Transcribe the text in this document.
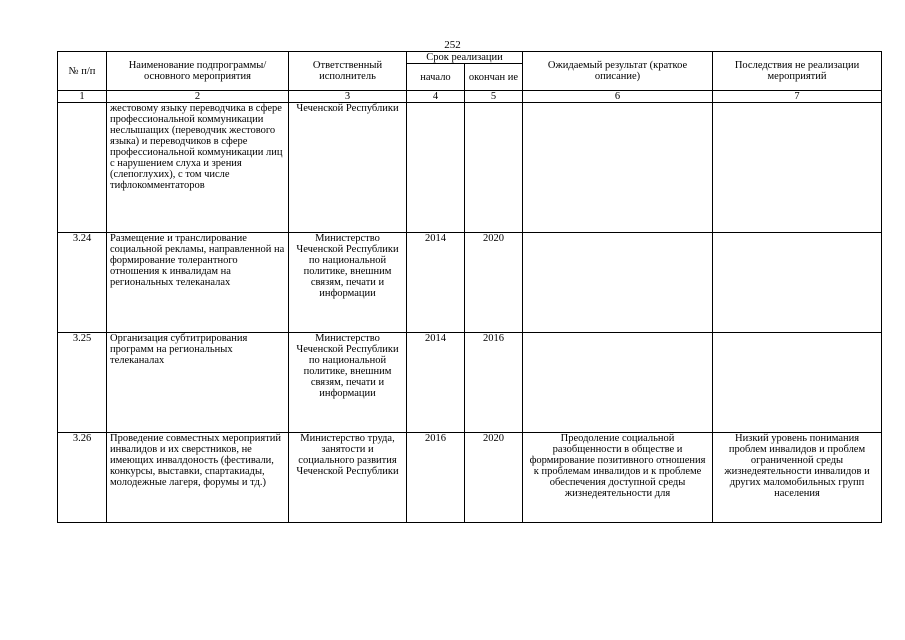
252
№ п/п	Наименование подпрограммы/ основного мероприятия	Ответственный исполнитель	Срок реализации		Ожидаемый результат (краткое описание)	Последствия не реализации мероприятий
			начало	окончан ие		
1	2	3	4	5	6	7
	жестовому языку переводчика в сфере профессиональной коммуникации неслышащих (переводчик жестового языка) и переводчиков в сфере профессиональной коммуникации лиц с нарушением слуха и зрения (слепоглухих), с том числе тифлокомментаторов	Чеченской Республики				
3.24	Размещение и транслирование социальной рекламы, направленной на формирование толерантного отношения к инвалидам на региональных телеканалах	Министерство Чеченской Республики по национальной политике, внешним связям, печати и информации	2014	2020		
3.25	Организация субтитрирования программ на региональных телеканалах	Министерство Чеченской Республики по национальной политике, внешним связям, печати и информации	2014	2016		
3.26	Проведение совместных мероприятий инвалидов и их сверстников, не имеющих инвалдоность (фестивали, конкурсы, выставки, спартакиады, молодежные лагеря, форумы и тд.)	Министерство труда, занятости и социального развития Чеченской Республики	2016	2020	Преодоление социальной разобщенности в обществе и формирование позитивного отношения к проблемам инвалидов и к проблеме обеспечения доступной среды жизнедеятельности для	Низкий уровень понимания проблем инвалидов и проблем ограниченной среды жизнедеятельности инвалидов и других маломобильных групп населения
